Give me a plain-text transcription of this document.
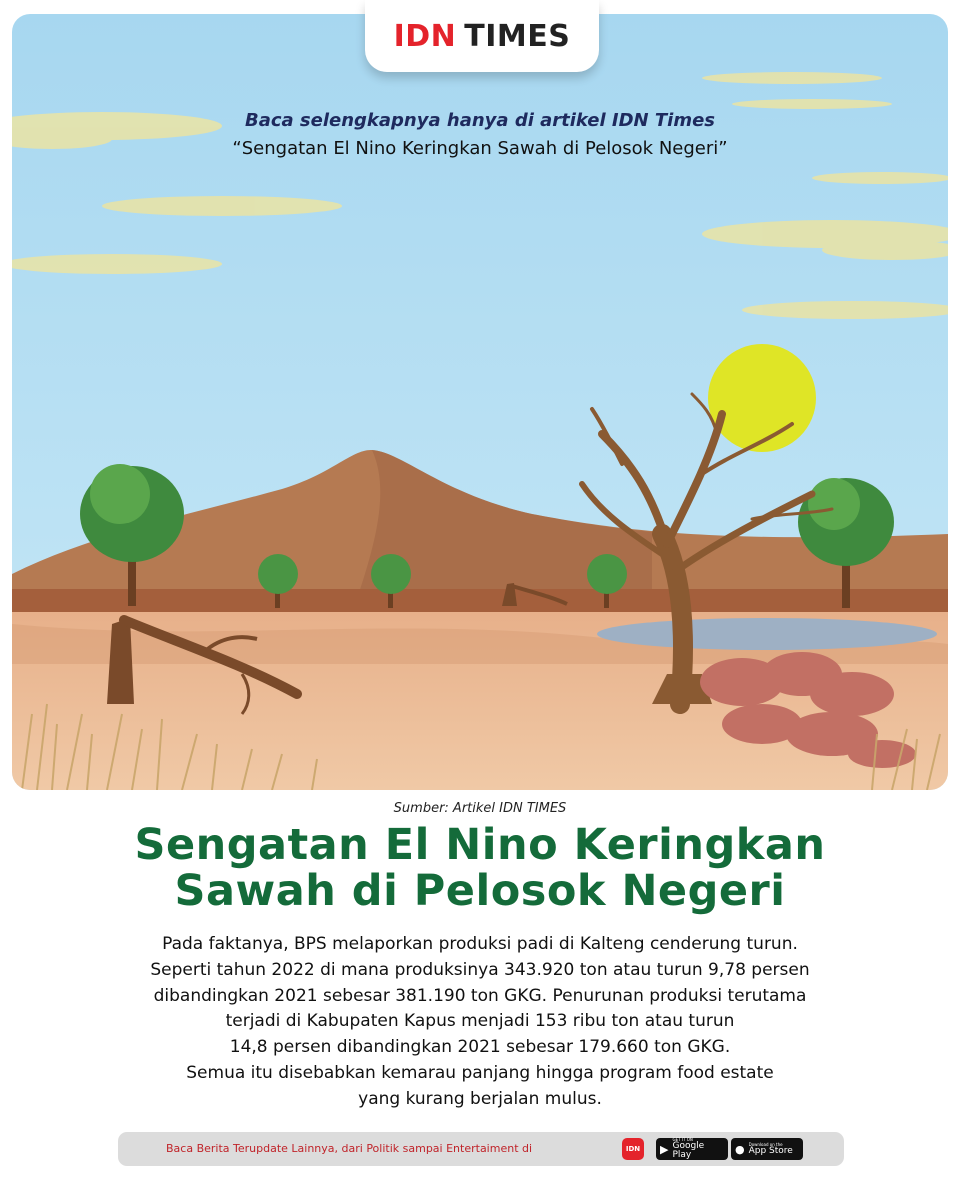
IDN TIMES
Baca selengkapnya hanya di artikel IDN Times
“Sengatan El Nino Keringkan Sawah di Pelosok Negeri”
Sumber: Artikel IDN TIMES
Sengatan El Nino Keringkan
Sawah di Pelosok Negeri
Pada faktanya, BPS melaporkan produksi padi di Kalteng cenderung turun.
Seperti tahun 2022 di mana produksinya 343.920 ton atau turun 9,78 persen
dibandingkan 2021 sebesar 381.190 ton GKG. Penurunan produksi terutama
terjadi di Kabupaten Kapus menjadi 153 ribu ton atau turun
14,8 persen dibandingkan 2021 sebesar 179.660 ton GKG.
Semua itu disebabkan kemarau panjang hingga program food estate
yang kurang berjalan mulus.
Baca Berita Terupdate Lainnya, dari Politik sampai Entertaiment di	IDN	▶
GET IT ON
Google Play	● Download on the
App Store
